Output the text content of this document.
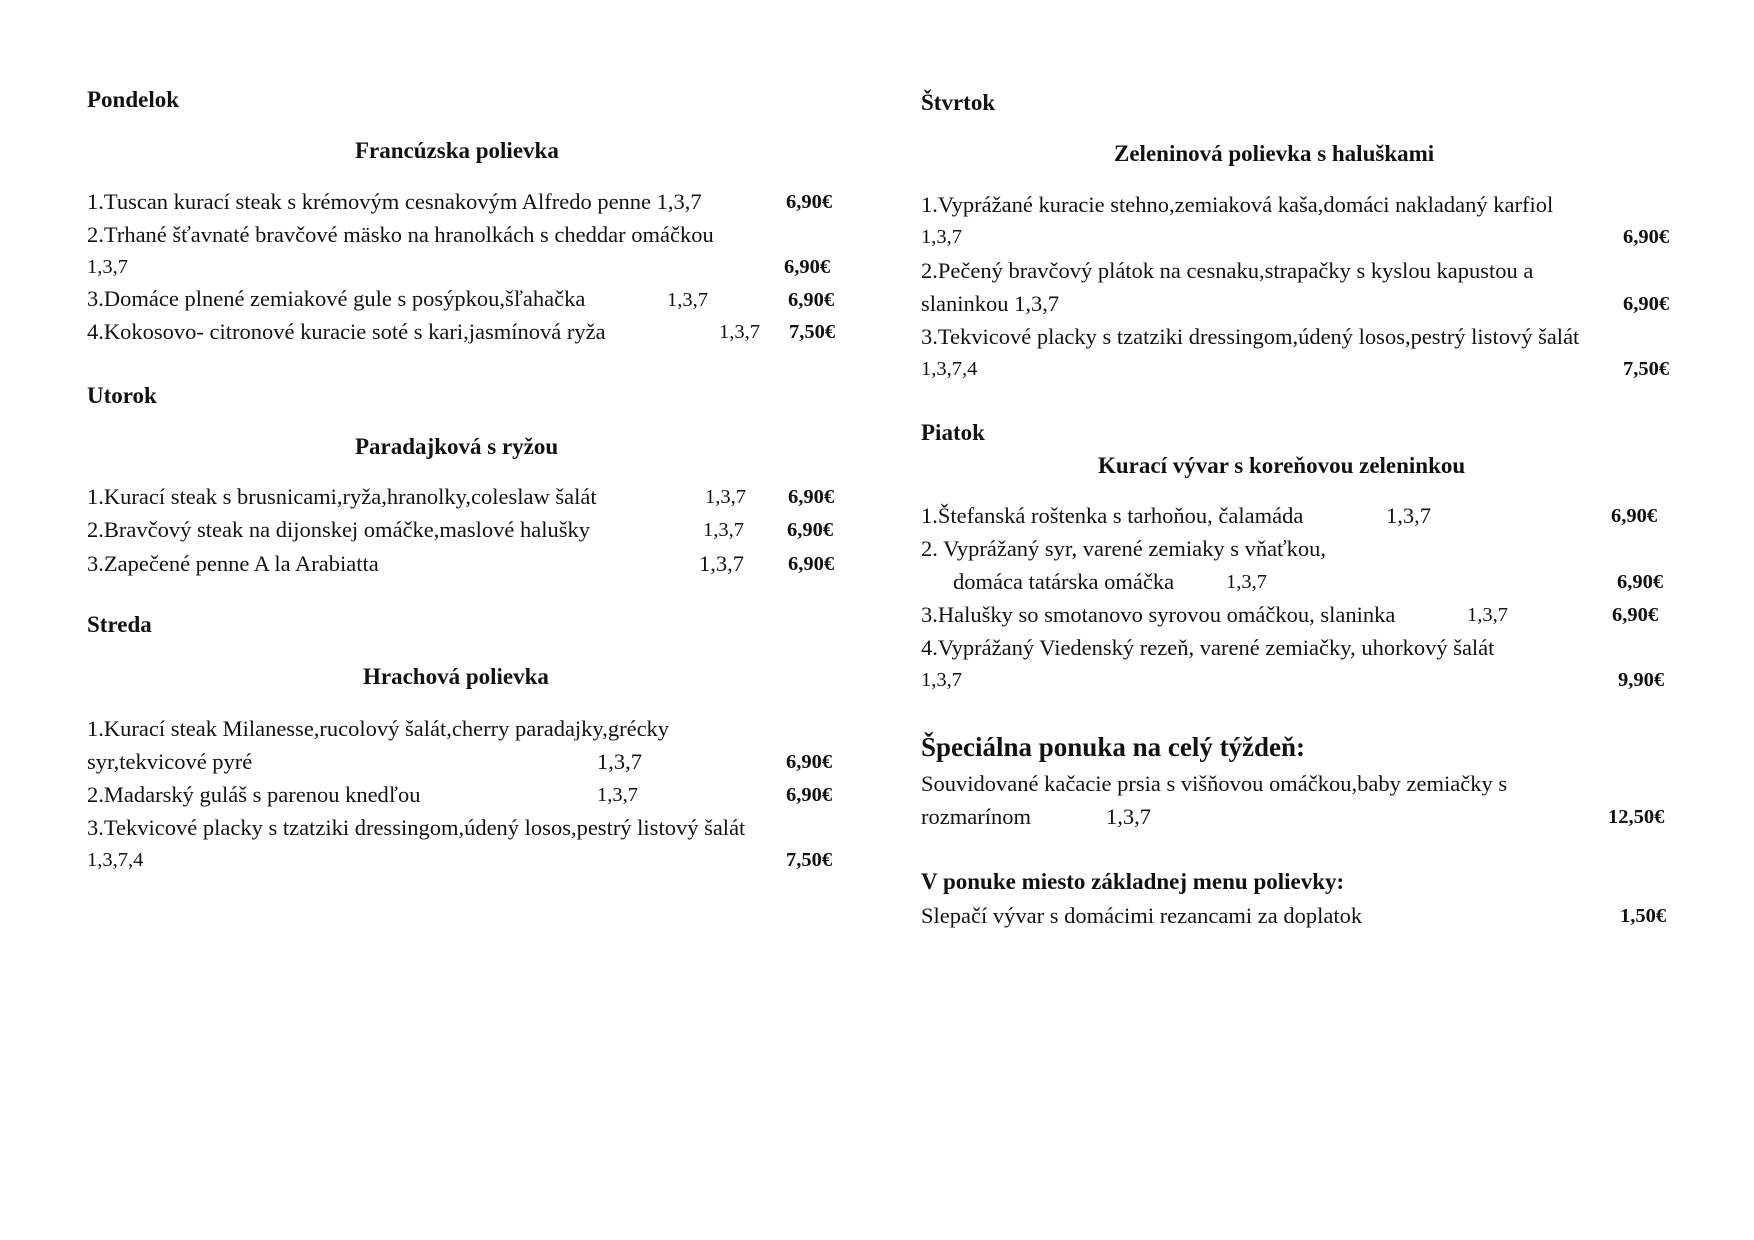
Pondelok
Francúzska polievka
1.Tuscan kurací steak s krémovým cesnakovým Alfredo penne 1,3,7	6,90€
2.Trhané šťavnaté bravčové mäsko na hranolkách s cheddar omáčkou
1,3,7	6,90€
3.Domáce plnené zemiakové gule s posýpkou,šľahačka	1,3,7	6,90€
4.Kokosovo- citronové kuracie soté s kari,jasmínová ryža	1,3,7 7,50€
Utorok
Paradajková s ryžou
1.Kurací steak s brusnicami,ryža,hranolky,coleslaw šalát	1,3,7 6,90€
2.Bravčový steak na dijonskej omáčke,maslové halušky	1,3,7 6,90€
3.Zapečené penne A la Arabiatta	1,3,7 6,90€
Streda
Hrachová polievka
1.Kurací steak Milanesse,rucolový šalát,cherry paradajky,grécky
syr,tekvicové pyré	1,3,7	6,90€
2.Madarský guláš s parenou knedľou	1,3,7	6,90€
3.Tekvicové placky s tzatziki dressingom,údený losos,pestrý listový šalát
1,3,7,4	7,50€
Štvrtok
Zeleninová polievka s haluškami
1.Vyprážané kuracie stehno,zemiaková kaša,domáci nakladaný karfiol
1,3,7	6,90€
2.Pečený bravčový plátok na cesnaku,strapačky s kyslou kapustou a
slaninkou 1,3,7	6,90€
3.Tekvicové placky s tzatziki dressingom,údený losos,pestrý listový šalát
1,3,7,4	7,50€
Piatok
Kurací vývar s koreňovou zeleninkou
1.Štefanská roštenka s tarhoňou, čalamáda	1,3,7	6,90€
2. Vyprážaný syr, varené zemiaky s vňaťkou,
domáca tatárska omáčka	1,3,7	6,90€
3.Halušky so smotanovo syrovou omáčkou, slaninka	1,3,7	6,90€
4.Vyprážaný Viedenský rezeň, varené zemiačky, uhorkový šalát
1,3,7	9,90€
Špeciálna ponuka na celý týždeň:
Souvidované kačacie prsia s višňovou omáčkou,baby zemiačky s
rozmarínom	1,3,7	12,50€
V ponuke miesto základnej menu polievky:
Slepačí vývar s domácimi rezancami za doplatok	1,50€
